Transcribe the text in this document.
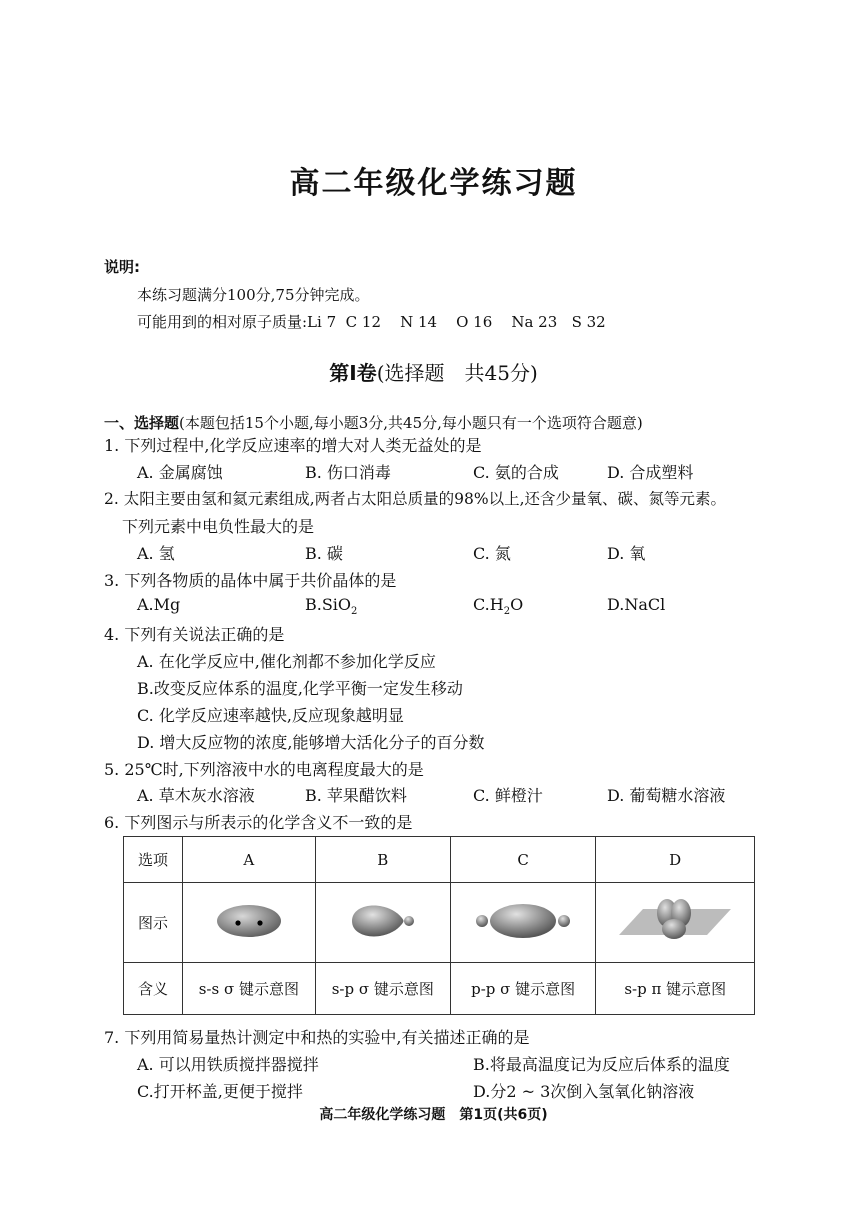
高二年级化学练习题
说明:
本练习题满分100分,75分钟完成。
可能用到的相对原子质量:Li 7  C 12    N 14    O 16    Na 23   S 32
第Ⅰ卷(选择题　共45分)
一、选择题(本题包括15个小题,每小题3分,共45分,每小题只有一个选项符合题意)
1. 下列过程中,化学反应速率的增大对人类无益处的是
A. 金属腐蚀	B. 伤口消毒	C. 氨的合成	D. 合成塑料
2. 太阳主要由氢和氦元素组成,两者占太阳总质量的98%以上,还含少量氧、碳、氮等元素。
下列元素中电负性最大的是
A. 氢	B. 碳	C. 氮	D. 氧
3. 下列各物质的晶体中属于共价晶体的是
A.Mg	B.SiO$_2$	$C.H_2O$	D.NaCl
4. 下列有关说法正确的是
A. 在化学反应中,催化剂都不参加化学反应
B.改变反应体系的温度,化学平衡一定发生移动
C. 化学反应速率越快,反应现象越明显
D. 增大反应物的浓度,能够增大活化分子的百分数
5. 25℃时,下列溶液中水的电离程度最大的是
A. 草木灰水溶液	B. 苹果醋饮料	C. 鲜橙汁	D. 葡萄糖水溶液
6. 下列图示与所表示的化学含义不一致的是
选项	A	B	C	D
图示				
含义	s-s σ 键示意图	s-p σ 键示意图	p-p σ 键示意图	s-p π 键示意图
7. 下列用简易量热计测定中和热的实验中,有关描述正确的是
A. 可以用铁质搅拌器搅拌	B.将最高温度记为反应后体系的温度
C.打开杯盖,更便于搅拌	D.分2 ~ 3次倒入氢氧化钠溶液
高二年级化学练习题　第1页(共6页)
